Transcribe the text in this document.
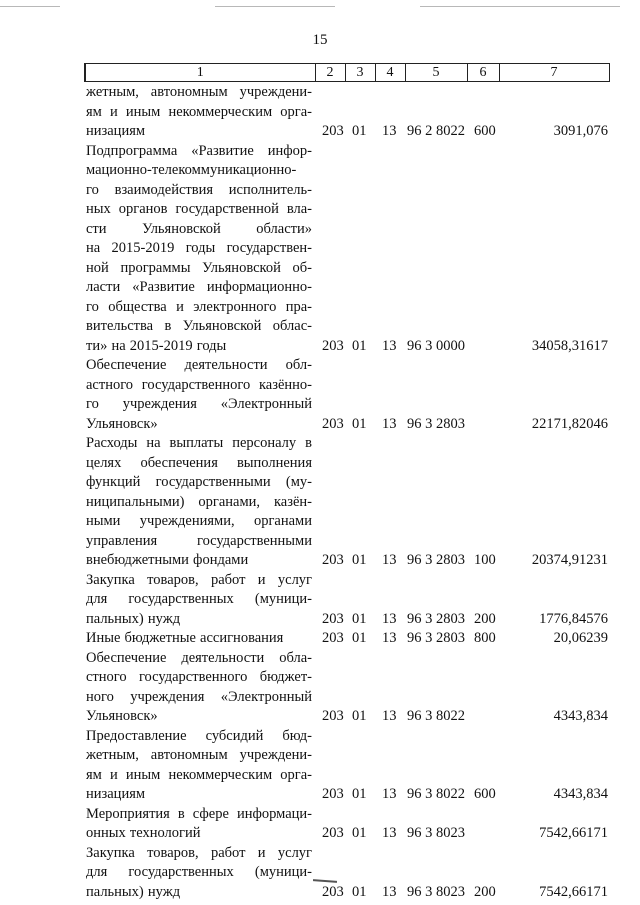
15
1	2	3	4	5	6	7
жетным, автономным учреждени-
ям и иным некоммерческим орга-
низациям	203 01 13 96 2 8022 600	3091,076
Подпрограмма «Развитие инфор-
мационно-телекоммуникационно-
го взаимодействия исполнитель-
ных органов государственной вла-
сти Ульяновской области»
на 2015-2019 годы государствен-
ной программы Ульяновской об-
ласти «Развитие информационно-
го общества и электронного пра-
вительства в Ульяновской облас-
ти» на 2015-2019 годы	203 01 13 96 3 0000	34058,31617
Обеспечение деятельности обл-
астного государственного казённо-
го учреждения «Электронный
Ульяновск»	203 01 13 96 3 2803	22171,82046
Расходы на выплаты персоналу в
целях обеспечения выполнения
функций государственными (му-
ниципальными) органами, казён-
ными учреждениями, органами
управления государственными
внебюджетными фондами	203 01 13 96 3 2803 100 20374,91231
Закупка товаров, работ и услуг
для государственных (муници-
пальных) нужд	203 01 13 96 3 2803 200	1776,84576
Иные бюджетные ассигнования	203 01 13 96 3 2803 800	20,06239
Обеспечение деятельности обла-
стного государственного бюджет-
ного учреждения «Электронный
Ульяновск»	203 01 13 96 3 8022	4343,834
Предоставление субсидий бюд-
жетным, автономным учреждени-
ям и иным некоммерческим орга-
низациям	203 01 13 96 3 8022 600	4343,834
Мероприятия в сфере информаци-
онных технологий	203 01 13 96 3 8023	7542,66171
Закупка товаров, работ и услуг
для государственных (муници-
пальных) нужд	203 01 13 96 3 8023 200	7542,66171
